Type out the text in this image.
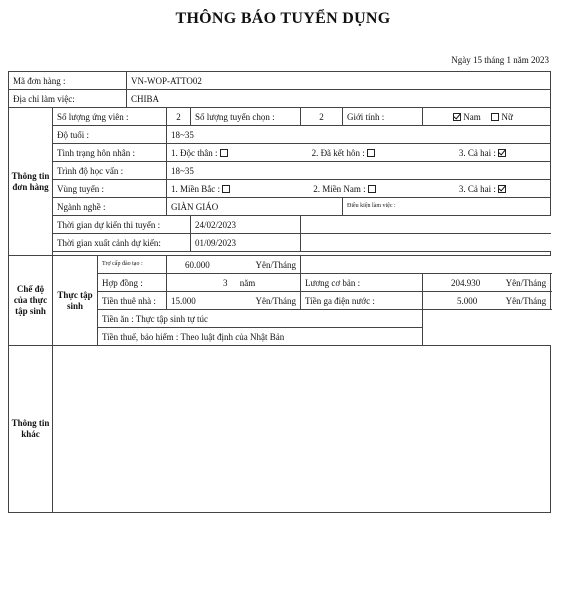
THÔNG BÁO TUYỂN DỤNG
Ngày 15 tháng 1 năm 2023
Mã đơn hàng :			VN-WOP-ATTO02						
Địa chỉ làm việc:			CHIBA						
Thông tin đơn hàng	Số lượng ứng viên :			2	Số lượng tuyển chọn :	2	Giới tính :	Nam Nữ	
	Độ tuổi :			18~35					
	Tình trạng hôn nhân :			1. Độc thân : 2. Đã kết hôn : 3. Cả hai :					

	Trình độ học vấn :			18~35					
	Vùng tuyển :			1. Miền Bắc : 2. Miền Nam : 3. Cả hai :					

	Ngành nghề :			GIÀN GIÁO			Điều kiện làm việc :	
	Thời gian dự kiến thi tuyển :				24/02/2023				
	Thời gian xuất cảnh dự kiến:				01/09/2023				

Chế độ của thực tập sinh	Thực tập sinh	Trợ cấp đào tạo :		60.000 Yên/Tháng					

		Hợp đồng :		3 năm		Lương cơ bản :		204.930 Yên/Tháng	

		Tiền thuê nhà :		15.000 Yên/Tháng		Tiền ga điện nước :		5.000 Yên/Tháng	

		Tiền ăn : Thực tập sinh tự túc							
		Tiền thuế, bảo hiểm : Theo luật định của Nhật Bản							
Thông tin khác									
